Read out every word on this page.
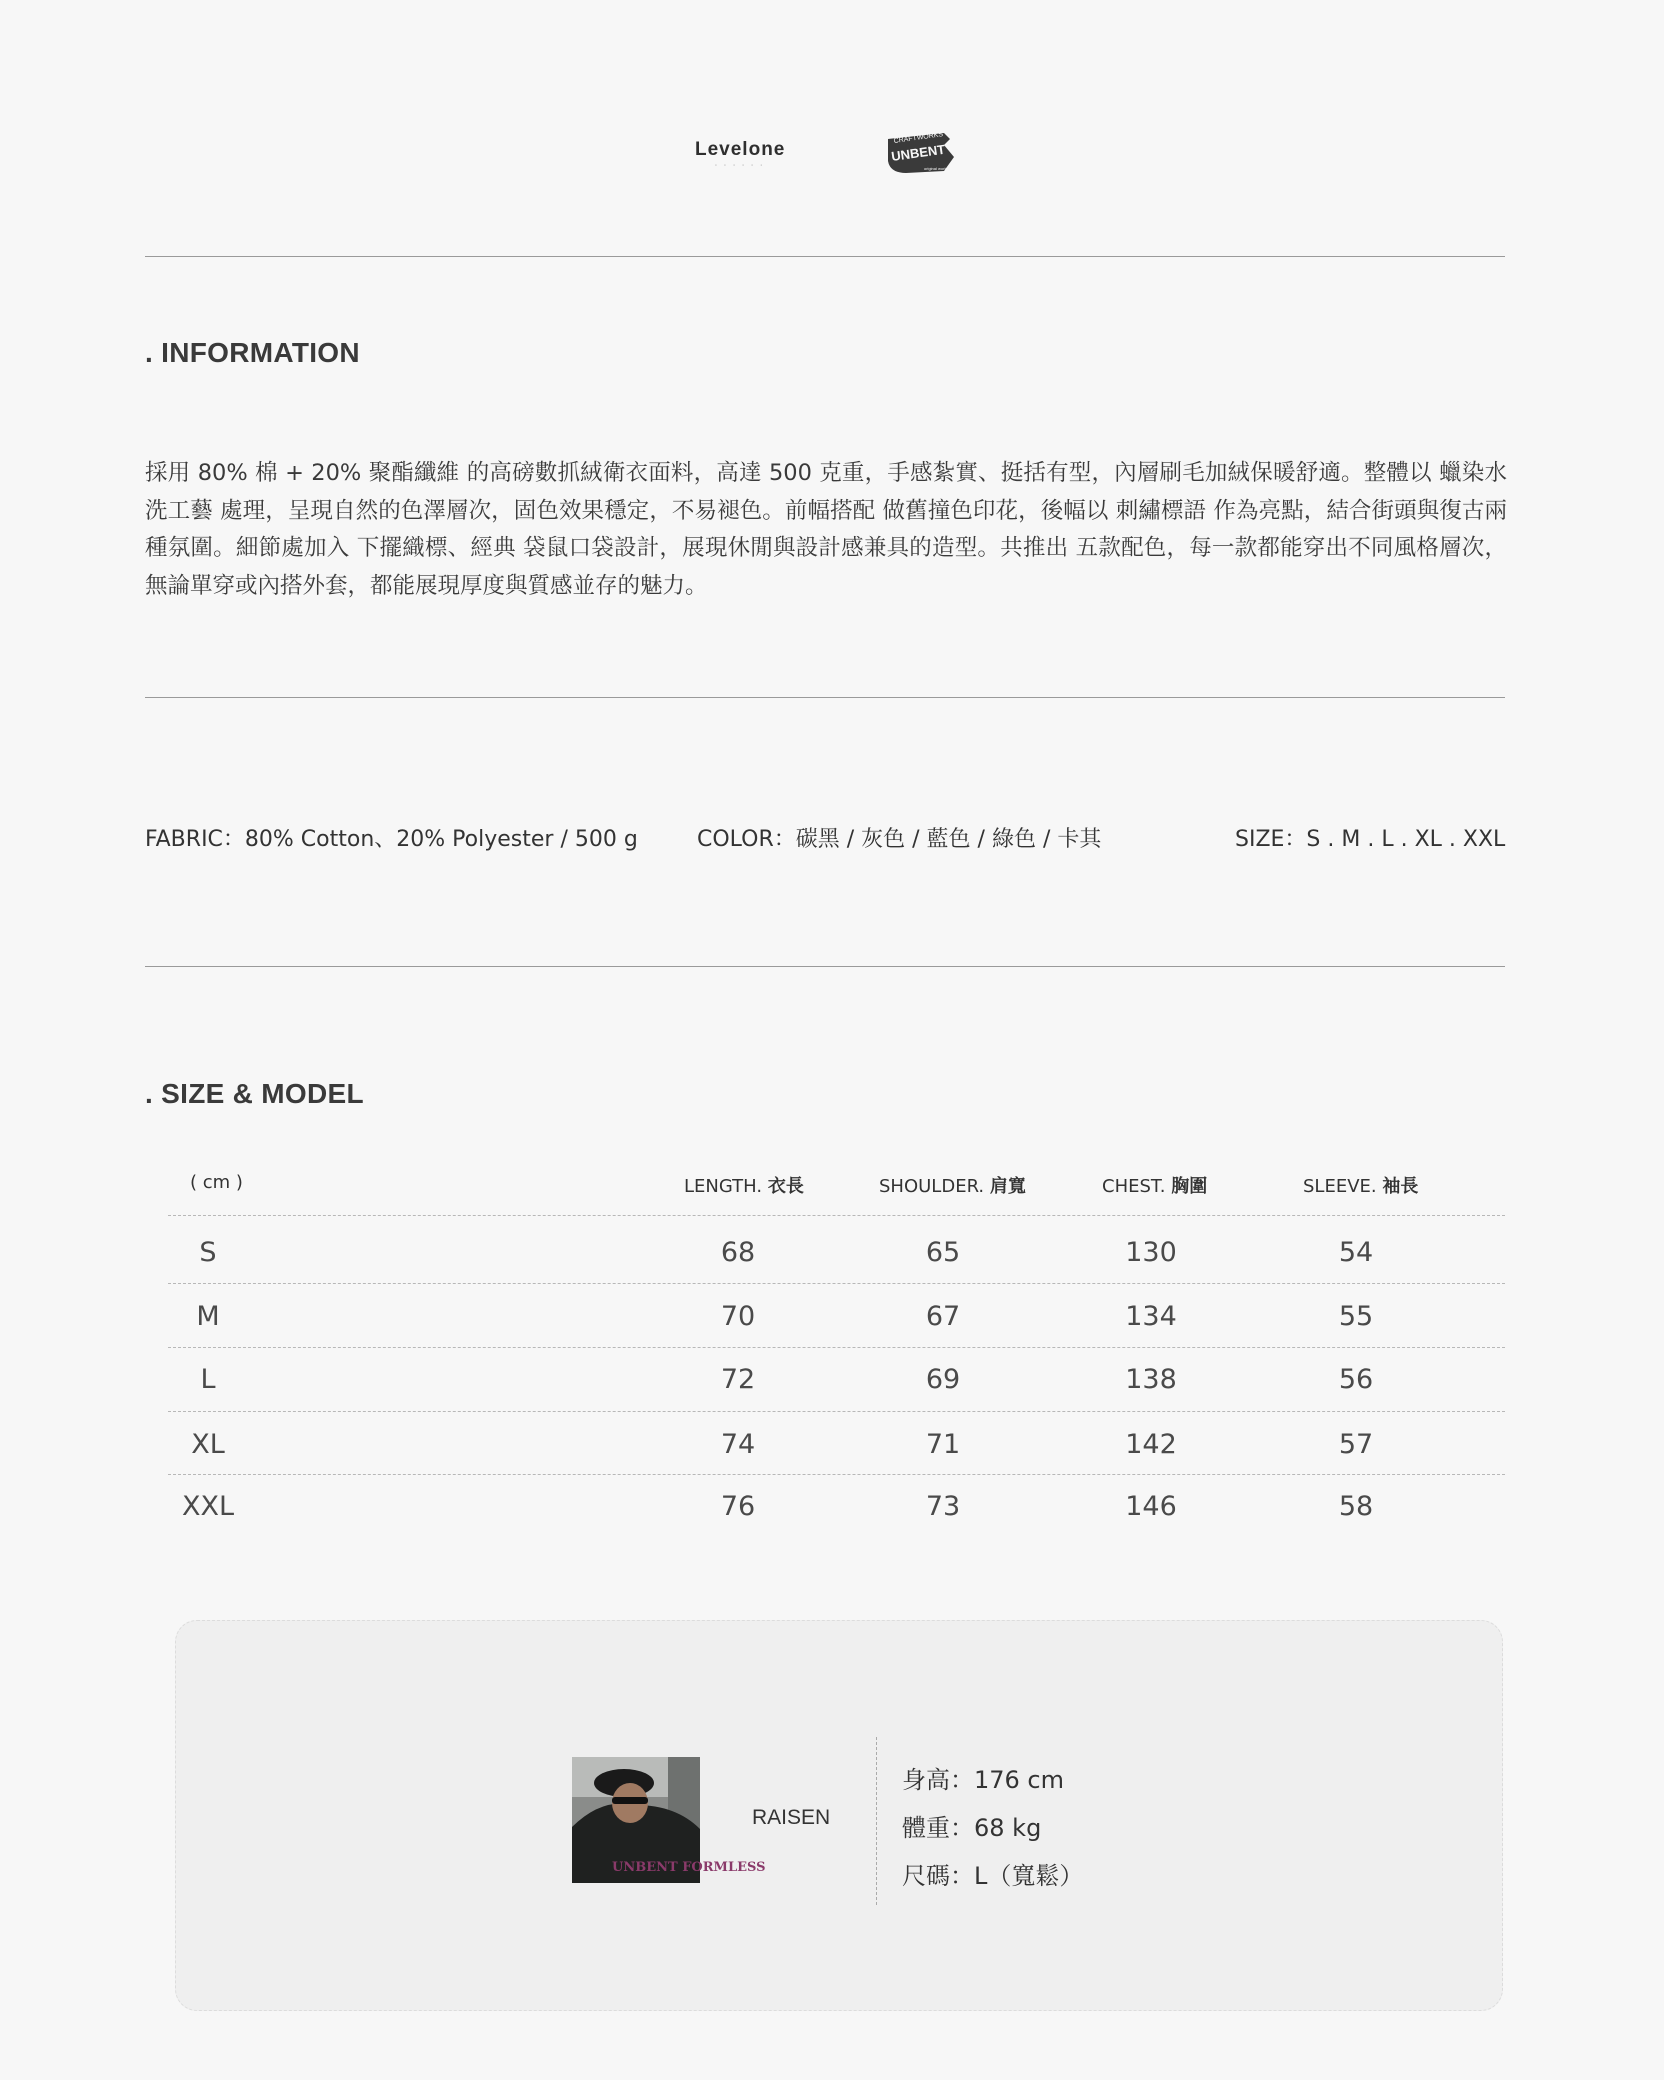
Levelone
· · · · · ·
CRAFTWORKS
UNBENT
original work
. INFORMATION
採用 80% 棉 + 20% 聚酯纖維 的高磅數抓絨衛衣面料，高達 500 克重，手感紮實、挺括有型，內層刷毛加絨保暖舒適。整體以 蠟染水洗工藝 處理，呈現自然的色澤層次，固色效果穩定，不易褪色。前幅搭配 做舊撞色印花，後幅以 刺繡標語 作為亮點，結合街頭與復古兩種氛圍。細節處加入 下擺織標、經典 袋鼠口袋設計，展現休閒與設計感兼具的造型。共推出 五款配色，每一款都能穿出不同風格層次，無論單穿或內搭外套，都能展現厚度與質感並存的魅力。
FABRIC：80% Cotton、20% Polyester / 500 g	COLOR：碳黑 / 灰色 / 藍色 / 綠色 / 卡其	SIZE：S . M . L . XL . XXL
. SIZE & MODEL
( cm )	LENGTH. 衣長	SHOULDER. 肩寬	CHEST. 胸圍	SLEEVE. 袖長
S	68	65	130	54
M	70	67	134	55
L	72	69	138	56
XL	74	71	142	57
XXL	76	73	146	58
UNBENT FORMLESS
RAISEN
身高：176 cm
體重：68 kg
尺碼：L（寬鬆）
